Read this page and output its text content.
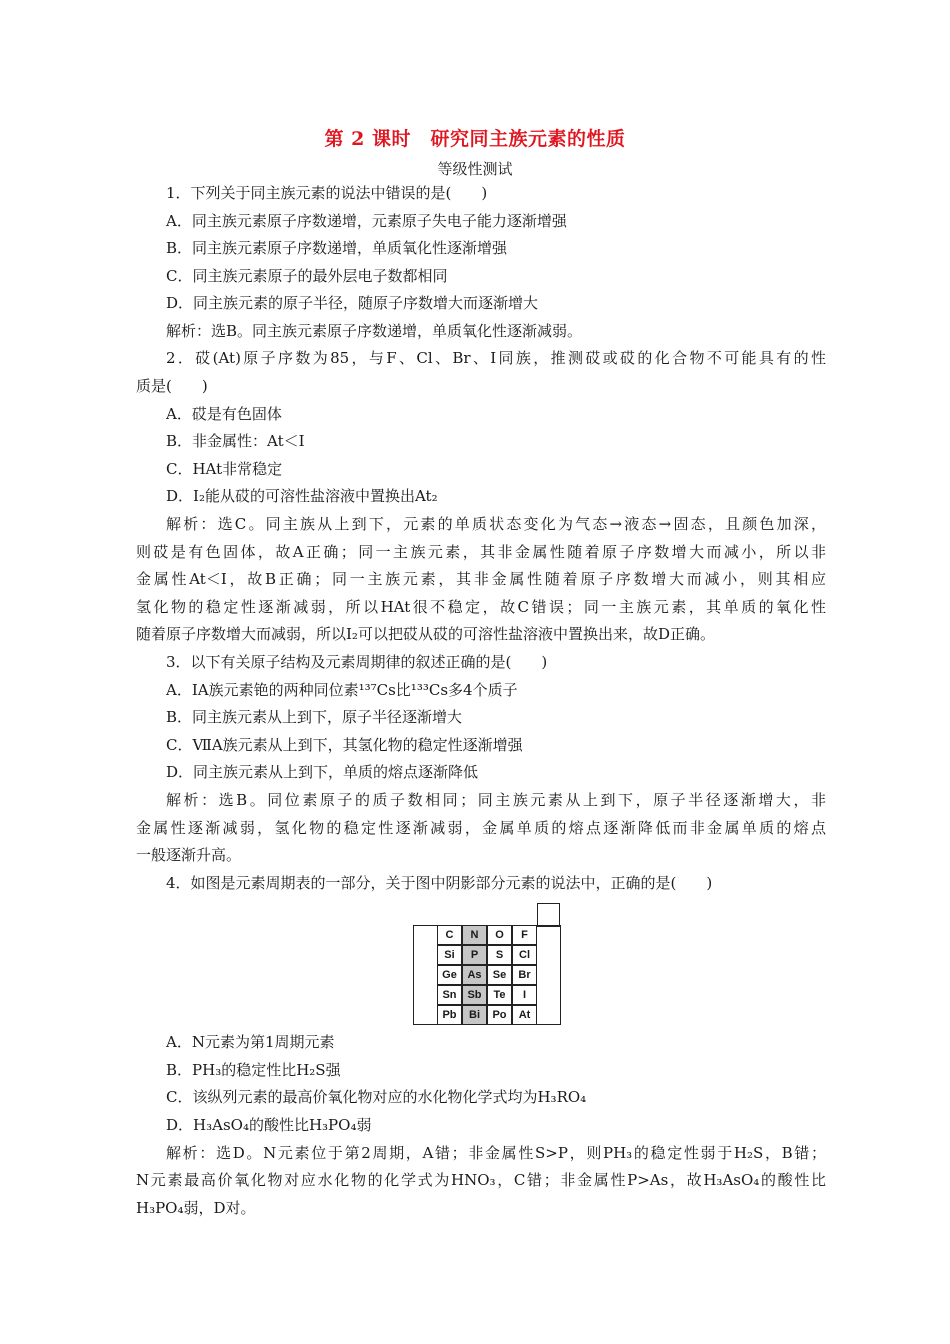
第 2 课时　研究同主族元素的性质
等级性测试
1．下列关于同主族元素的说法中错误的是(　　)
A．同主族元素原子序数递增，元素原子失电子能力逐渐增强
B．同主族元素原子序数递增，单质氧化性逐渐增强
C．同主族元素原子的最外层电子数都相同
D．同主族元素的原子半径，随原子序数增大而逐渐增大
解析：选B。同主族元素原子序数递增，单质氧化性逐渐减弱。
2．砹(At)原子序数为85，与F、Cl、Br、I同族，推测砹或砹的化合物不可能具有的性
质是(　　)
A．砹是有色固体
B．非金属性：At＜I
C．HAt非常稳定
D．I₂能从砹的可溶性盐溶液中置换出At₂
解析：选C。同主族从上到下，元素的单质状态变化为气态→液态→固态，且颜色加深，
则砹是有色固体，故A正确；同一主族元素，其非金属性随着原子序数增大而减小，所以非
金属性At＜I，故B正确；同一主族元素，其非金属性随着原子序数增大而减小，则其相应
氢化物的稳定性逐渐减弱，所以HAt很不稳定，故C错误；同一主族元素，其单质的氧化性
随着原子序数增大而减弱，所以I₂可以把砹从砹的可溶性盐溶液中置换出来，故D正确。
3．以下有关原子结构及元素周期律的叙述正确的是(　　)
A．ⅠA族元素铯的两种同位素¹³⁷Cs比¹³³Cs多4个质子
B．同主族元素从上到下，原子半径逐渐增大
C．ⅦA族元素从上到下，其氢化物的稳定性逐渐增强
D．同主族元素从上到下，单质的熔点逐渐降低
解析：选B。同位素原子的质子数相同；同主族元素从上到下，原子半径逐渐增大，非
金属性逐渐减弱，氢化物的稳定性逐渐减弱，金属单质的熔点逐渐降低而非金属单质的熔点
一般逐渐升高。
4．如图是元素周期表的一部分，关于图中阴影部分元素的说法中，正确的是(　　)
C	N	O	F
Si	P	S	Cl
Ge As	Se	Br
Sn Sb	Te	I
Pb	Bi	Po	At
A．N元素为第1周期元素
B．PH₃的稳定性比H₂S强
C．该纵列元素的最高价氧化物对应的水化物化学式均为H₃RO₄
D．H₃AsO₄的酸性比H₃PO₄弱
解析：选D。N元素位于第2周期，A错；非金属性S>P，则PH₃的稳定性弱于H₂S，B错；
N元素最高价氧化物对应水化物的化学式为HNO₃，C错；非金属性P>As，故H₃AsO₄的酸性比
H₃PO₄弱，D对。
